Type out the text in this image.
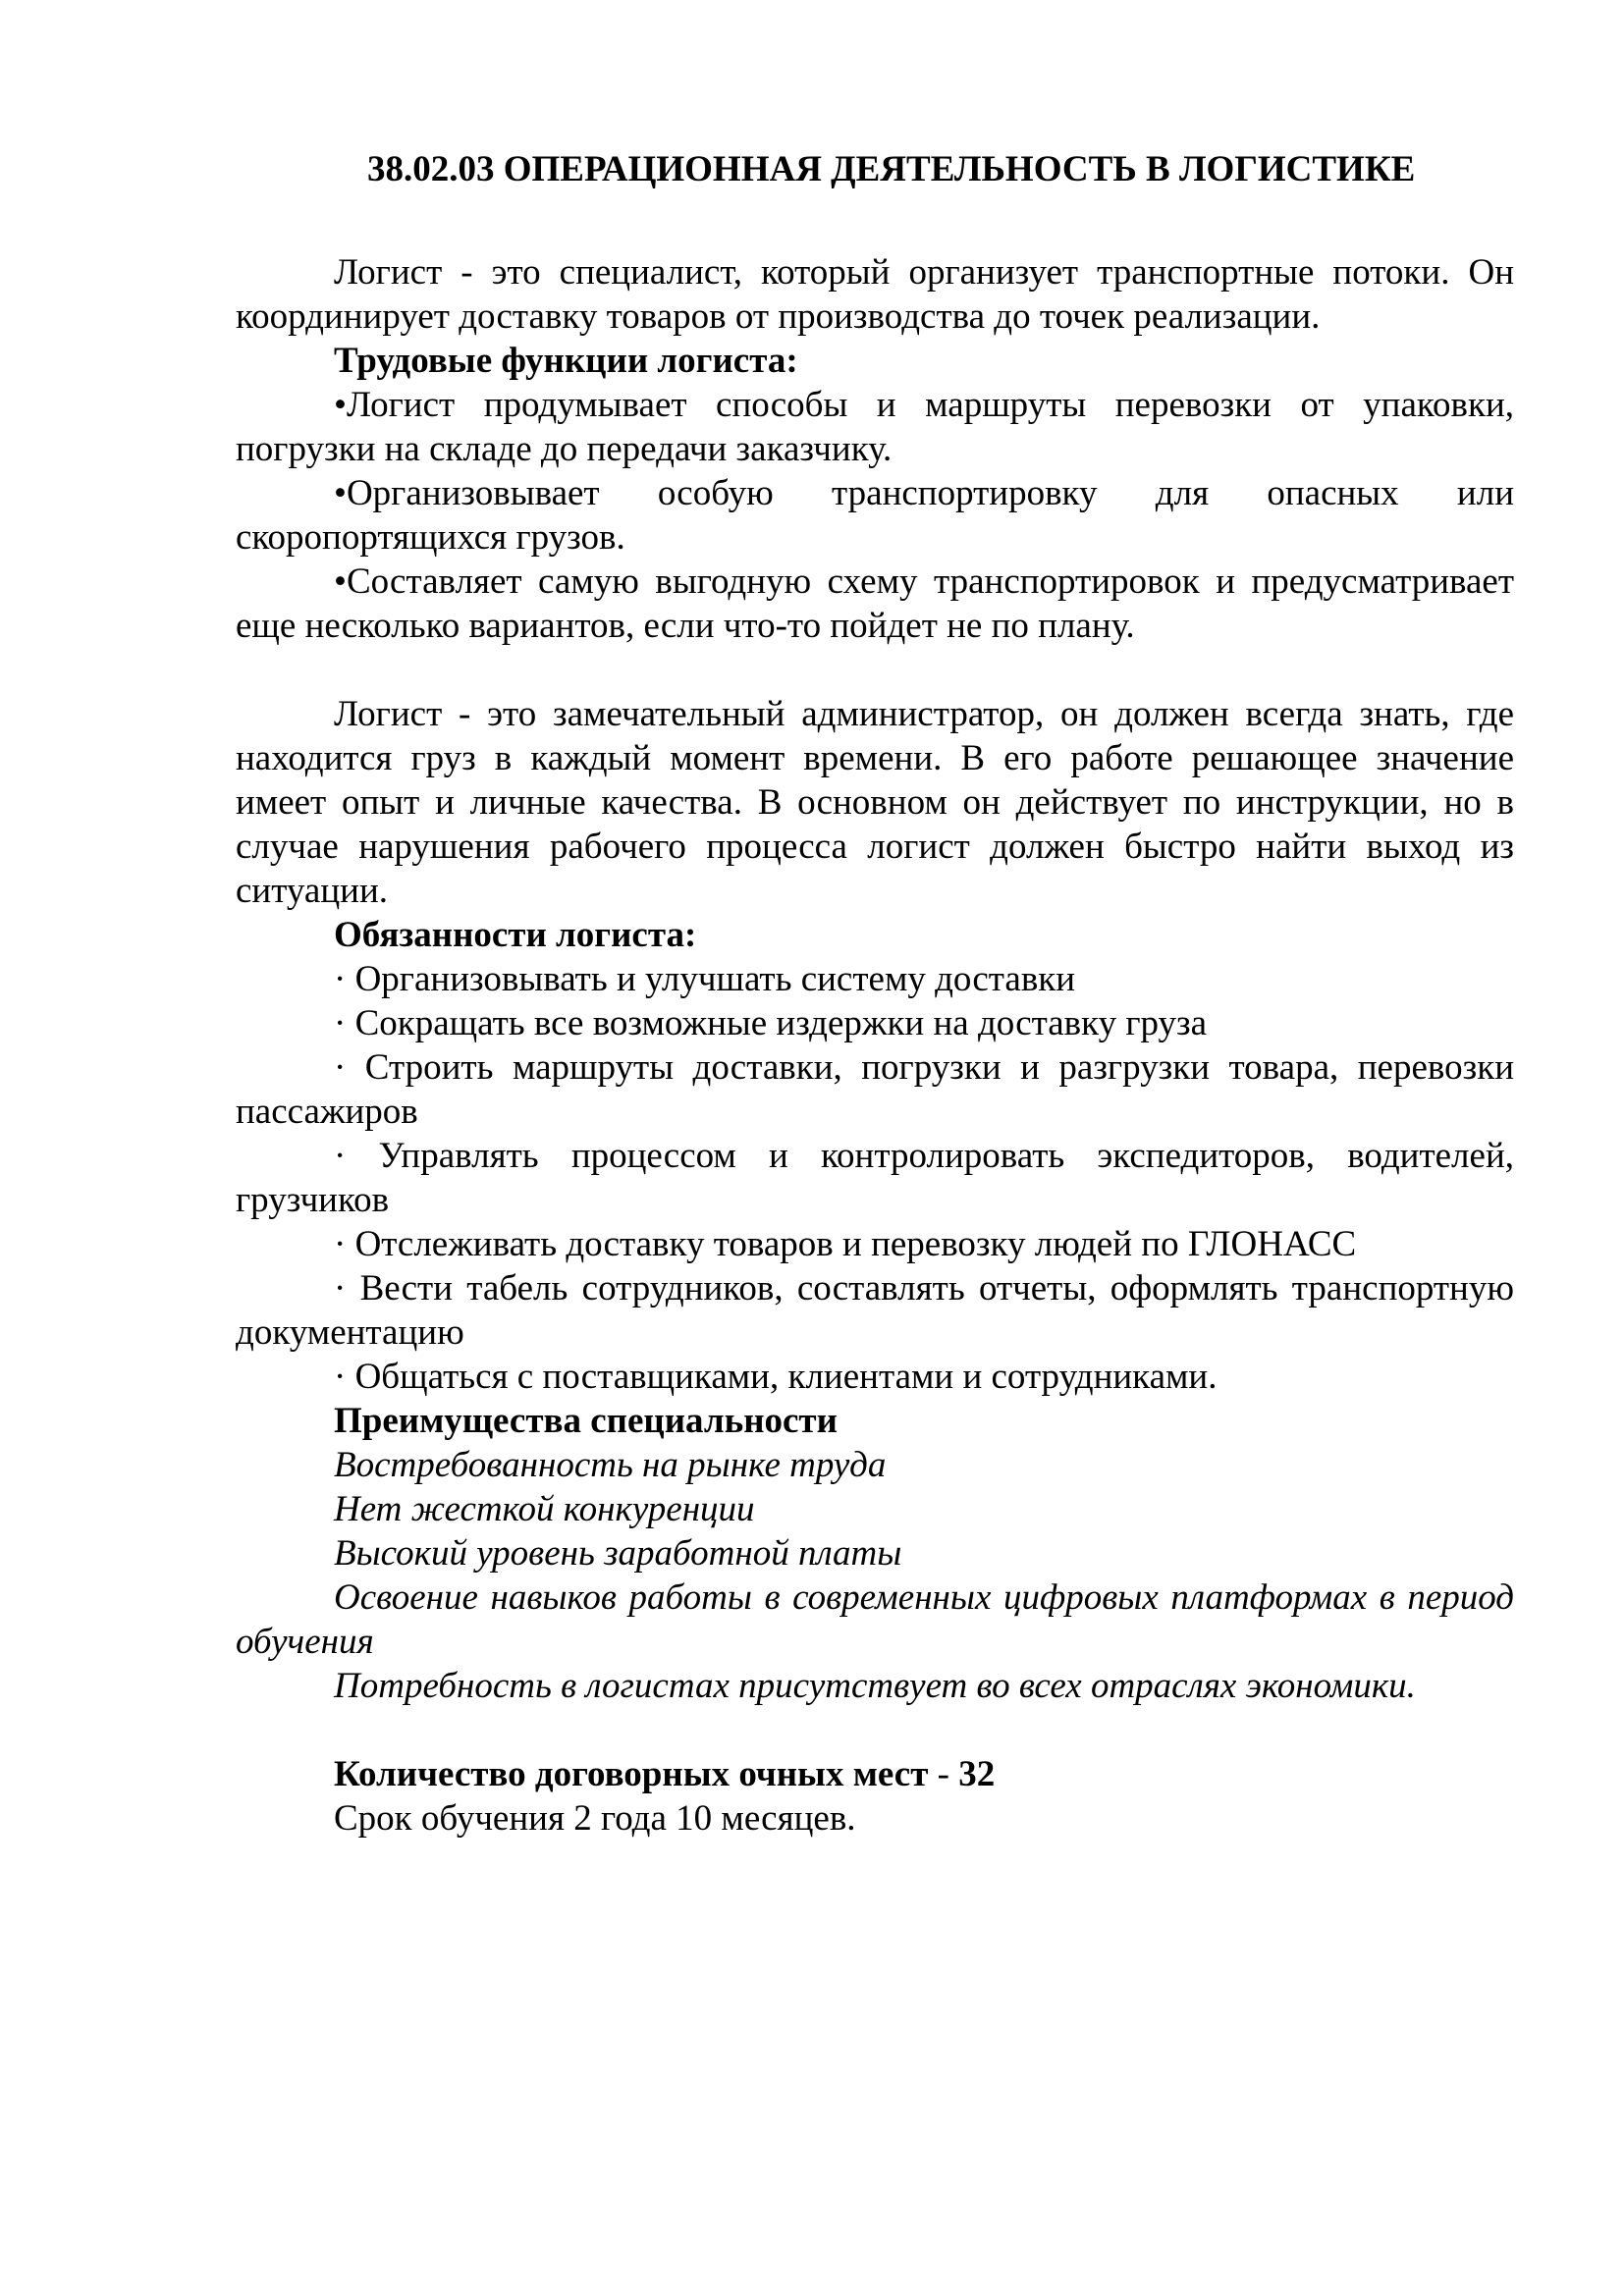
38.02.03 ОПЕРАЦИОННАЯ ДЕЯТЕЛЬНОСТЬ В ЛОГИСТИКЕ

Логист - это специалист, который организует транспортные потоки. Он координирует доставку товаров от производства до точек реализации.

Трудовые функции логиста:

•Логист продумывает способы и маршруты перевозки от упаковки, погрузки на складе до передачи заказчику.

•Организовывает особую транспортировку для опасных или скоропортящихся грузов.

•Составляет самую выгодную схему транспортировок и предусматривает еще несколько вариантов, если что-то пойдет не по плану.

Логист - это замечательный администратор, он должен всегда знать, где находится груз в каждый момент времени. В его работе решающее значение имеет опыт и личные качества. В основном он действует по инструкции, но в случае нарушения рабочего процесса логист должен быстро найти выход из ситуации.

Обязанности логиста:

· Организовывать и улучшать систему доставки

· Сокращать все возможные издержки на доставку груза

· Строить маршруты доставки, погрузки и разгрузки товара, перевозки пассажиров

· Управлять процессом и контролировать экспедиторов, водителей, грузчиков

· Отслеживать доставку товаров и перевозку людей по ГЛОНАСС

· Вести табель сотрудников, составлять отчеты, оформлять транспортную документацию

· Общаться с поставщиками, клиентами и сотрудниками.

Преимущества специальности

Востребованность на рынке труда

Нет жесткой конкуренции

Высокий уровень заработной платы

Освоение навыков работы в современных цифровых платформах в период обучения

Потребность в логистах присутствует во всех отраслях экономики.

Количество договорных очных мест - 32

Срок обучения 2 года 10 месяцев.
